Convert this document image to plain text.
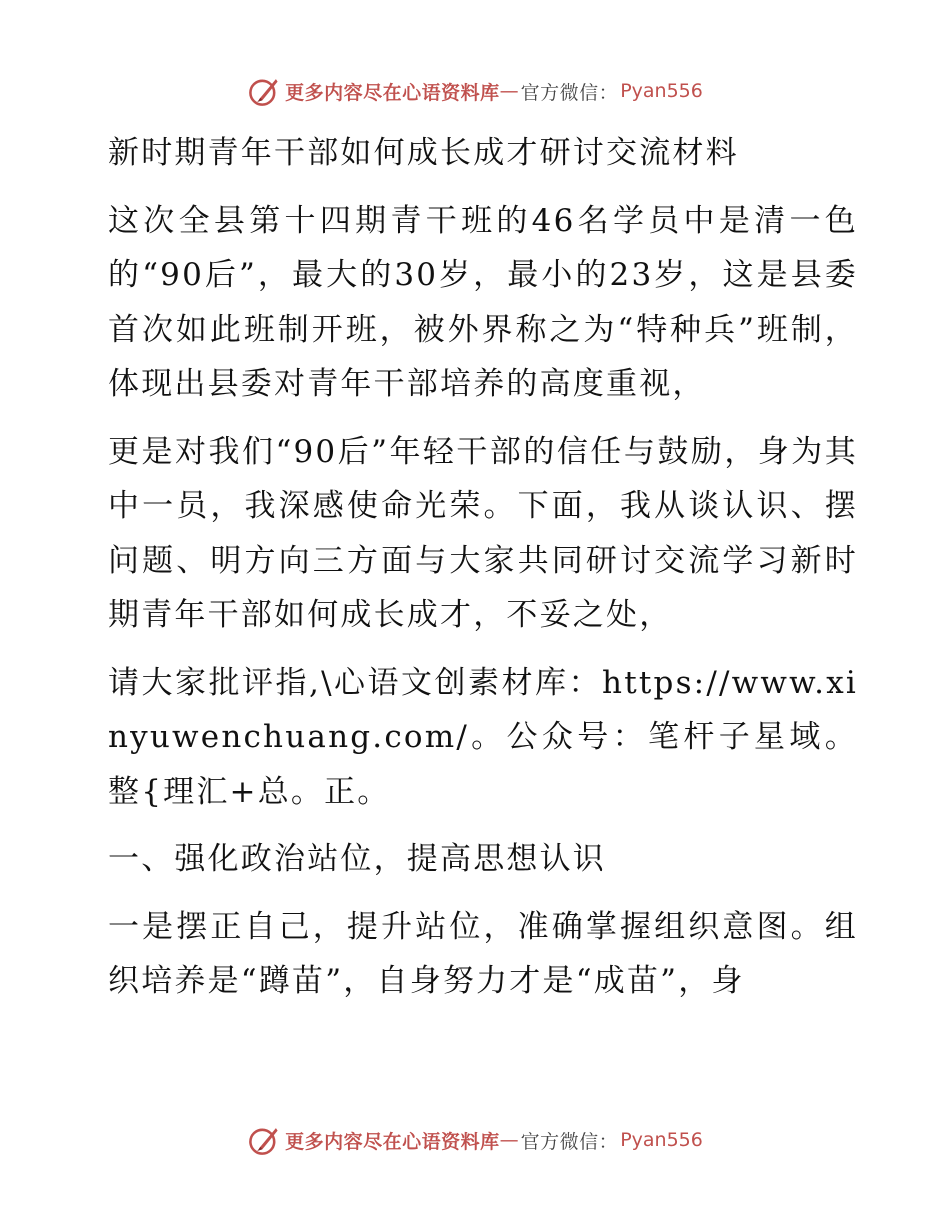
更多内容尽在心语资料库 — 官方微信： Pyan556

新时期青年干部如何成长成才研讨交流材料

这次全县第十四期青干班的46名学员中是清一色的“90后”，最大的30岁，最小的23岁，这是县委首次如此班制开班，被外界称之为“特种兵”班制，体现出县委对青年干部培养的高度重视，

更是对我们“90后”年轻干部的信任与鼓励，身为其中一员，我深感使命光荣。下面，我从谈认识、摆问题、明方向三方面与大家共同研讨交流学习新时期青年干部如何成长成才，不妥之处，

请大家批评指,\心语文创素材库：https://www.xinyuwenchuang.com/。公众号：笔杆子星域。整{理汇+总。正。

一、强化政治站位，提高思想认识

一是摆正自己，提升站位，准确掌握组织意图。组织培养是“蹲苗”，自身努力才是“成苗”，身

更多内容尽在心语资料库 — 官方微信： Pyan556
